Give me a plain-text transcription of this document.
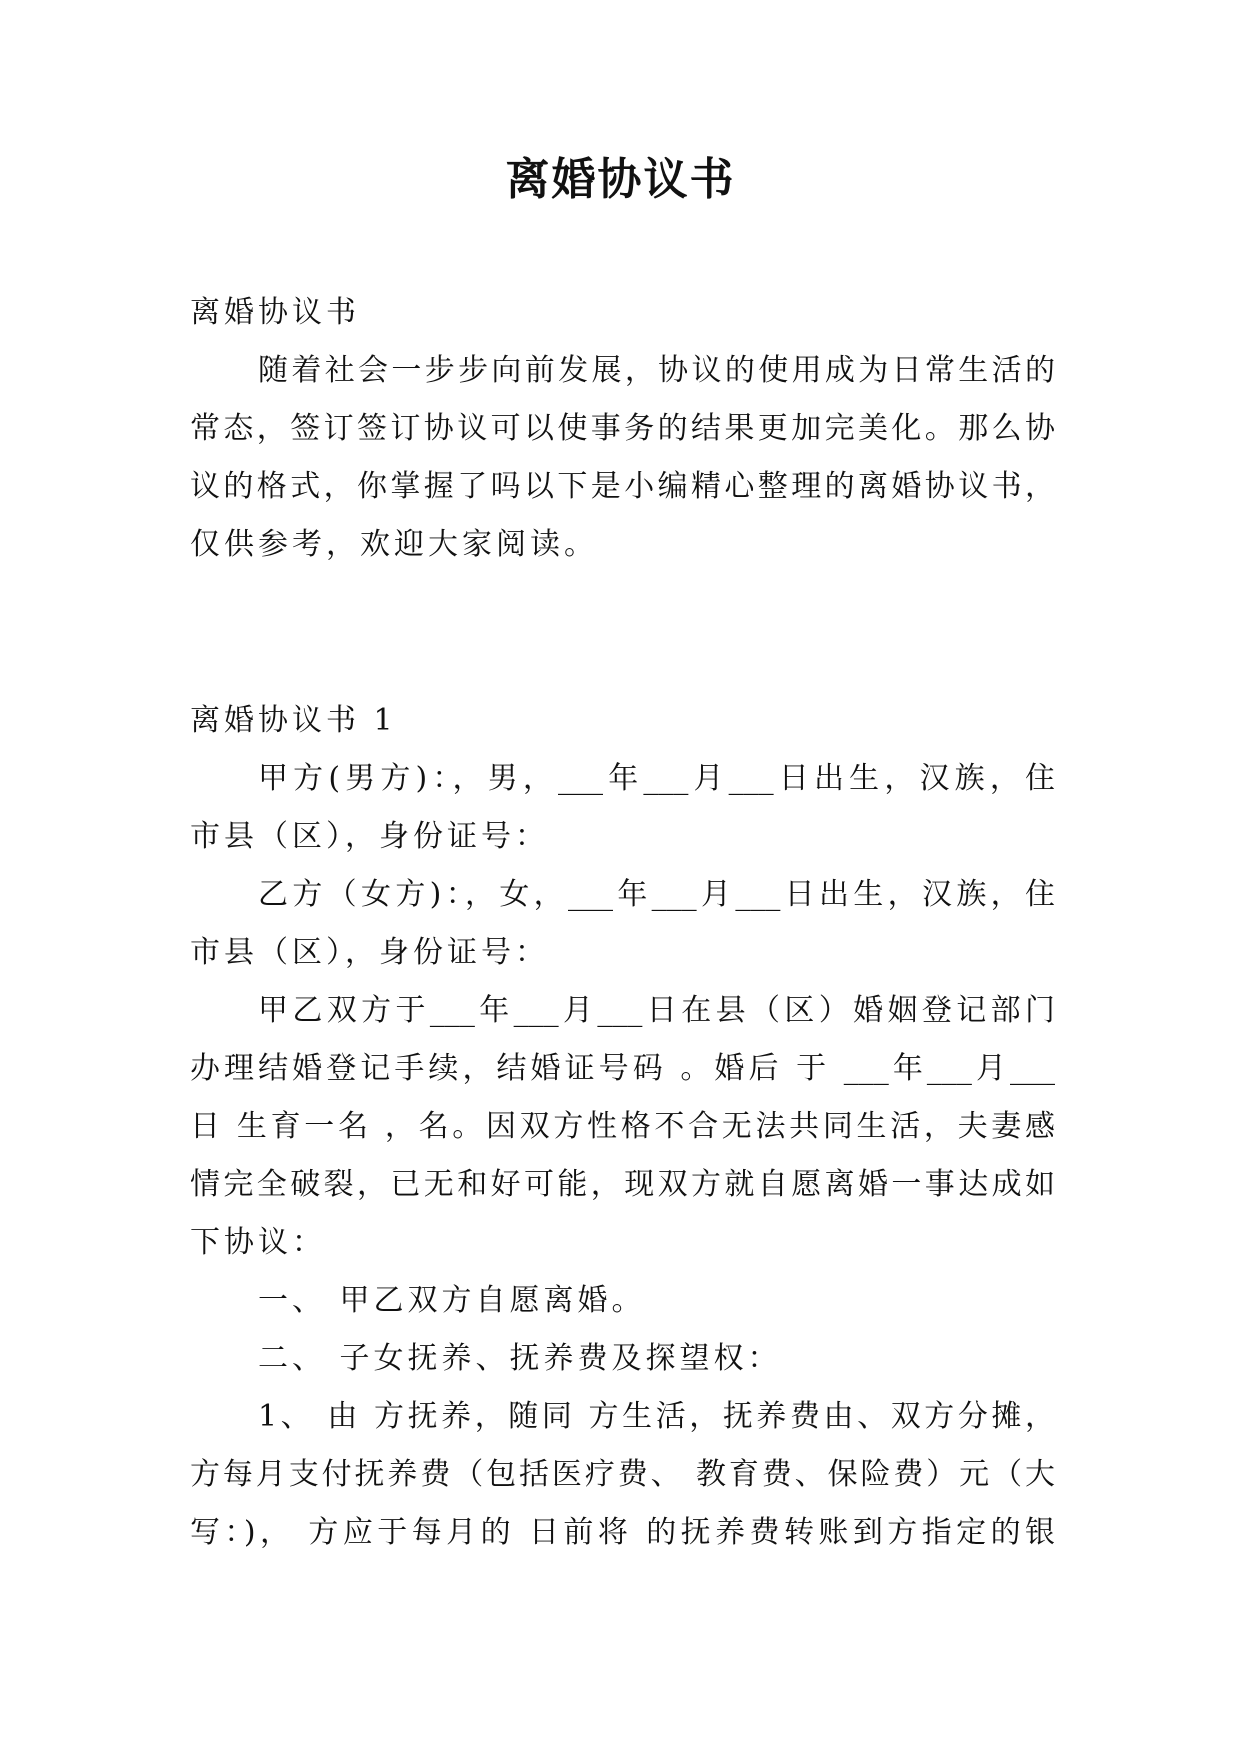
离婚协议书
离婚协议书
随着社会一步步向前发展，协议的使用成为日常生活的
常态，签订签订协议可以使事务的结果更加完美化。那么协
议的格式，你掌握了吗以下是小编精心整理的离婚协议书，
仅供参考，欢迎大家阅读。
离婚协议书 1
甲方(男方)：，男，___年___月___日出生，汉族，住
市县（区），身份证号：
乙方（女方)：，女，___年___月___日出生，汉族，住
市县（区），身份证号：
甲乙双方于___年___月___日在县（区）婚姻登记部门
办理结婚登记手续，结婚证号码 。婚后 于 ___年___月___
日 生育一名 ，名。因双方性格不合无法共同生活，夫妻感
情完全破裂，已无和好可能，现双方就自愿离婚一事达成如
下协议：
一、 甲乙双方自愿离婚。
二、 子女抚养、抚养费及探望权：
1、 由 方抚养，随同 方生活，抚养费由、双方分摊，
方每月支付抚养费（包括医疗费、 教育费、保险费）元（大
写：)， 方应于每月的 日前将 的抚养费转账到方指定的银
